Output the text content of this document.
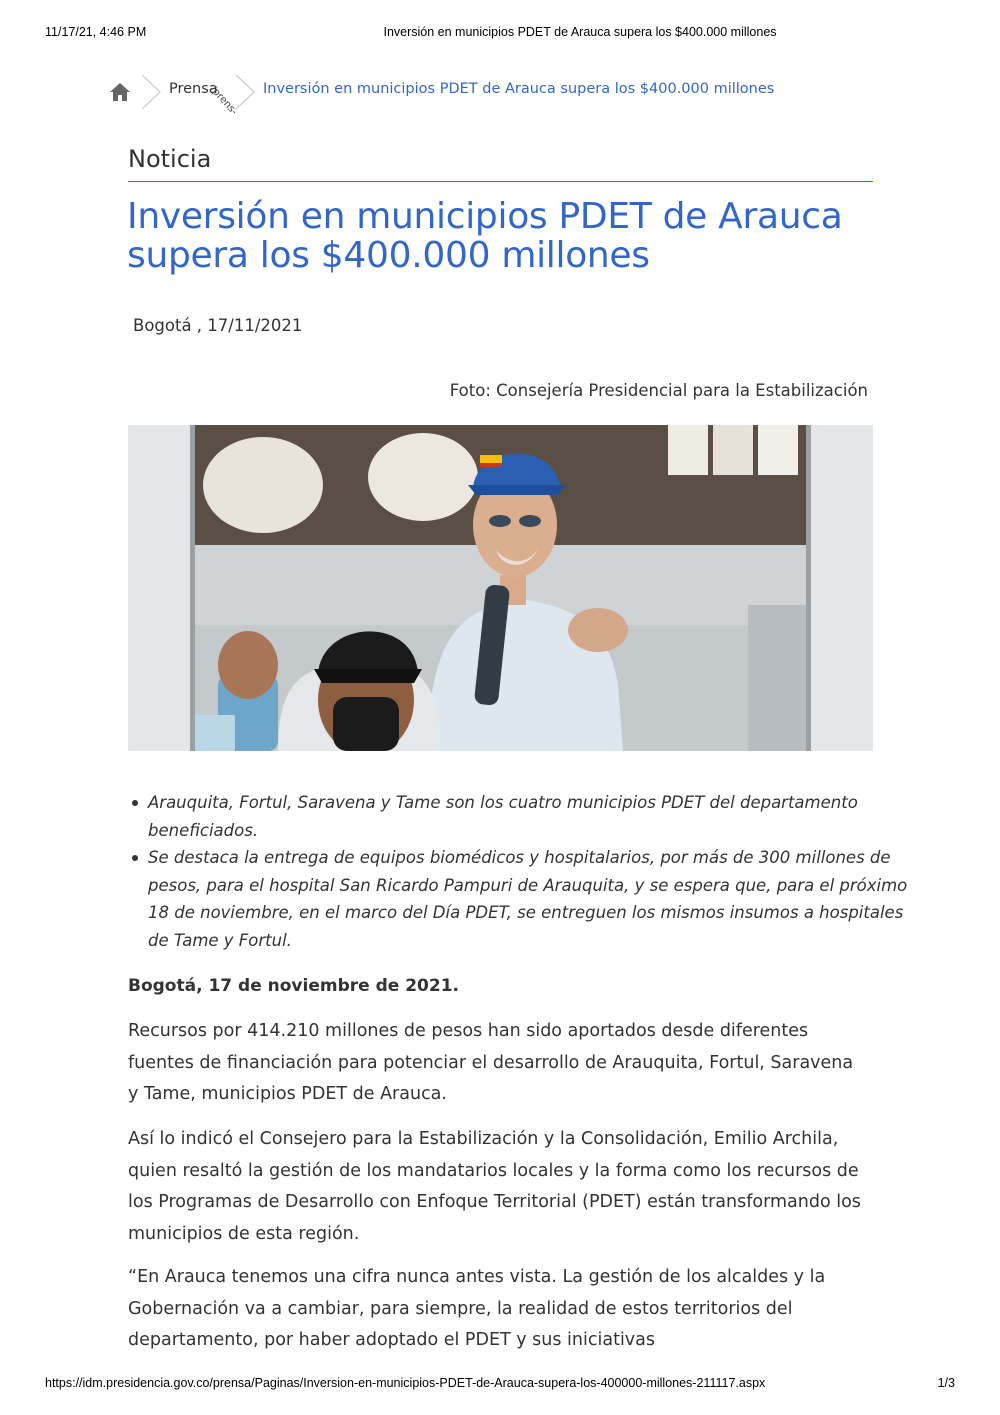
11/17/21, 4:46 PM	Inversión en municipios PDET de Arauca supera los $400.000 millones
Prensa
/prens- Inversión en municipios PDET de Arauca supera los $400.000 millones
Noticia
Inversión en municipios PDET de Arauca supera los $400.000 millones
Bogotá , 17/11/2021
Foto: Consejería Presidencial para la Estabilización
Arauquita, Fortul, Saravena y Tame son los cuatro municipios PDET del departamento beneficiados.
Se destaca la entrega de equipos biomédicos y hospitalarios, por más de 300 millones de pesos, para el hospital San Ricardo Pampuri de Arauquita, y se espera que, para el próximo 18 de noviembre, en el marco del Día PDET, se entreguen los mismos insumos a hospitales de Tame y Fortul.
Bogotá, 17 de noviembre de 2021.

Recursos por 414.210 millones de pesos han sido aportados desde diferentes fuentes de financiación para potenciar el desarrollo de Arauquita, Fortul, Saravena y Tame, municipios PDET de Arauca.

Así lo indicó el Consejero para la Estabilización y la Consolidación, Emilio Archila, quien resaltó la gestión de los mandatarios locales y la forma como los recursos de los Programas de Desarrollo con Enfoque Territorial (PDET) están transformando los municipios de esta región.

“En Arauca tenemos una cifra nunca antes vista. La gestión de los alcaldes y la Gobernación va a cambiar, para siempre, la realidad de estos territorios del departamento, por haber adoptado el PDET y sus iniciativas

https://idm.presidencia.gov.co/prensa/Paginas/Inversion-en-municipios-PDET-de-Arauca-supera-los-400000-millones-211117.aspx	1/3
